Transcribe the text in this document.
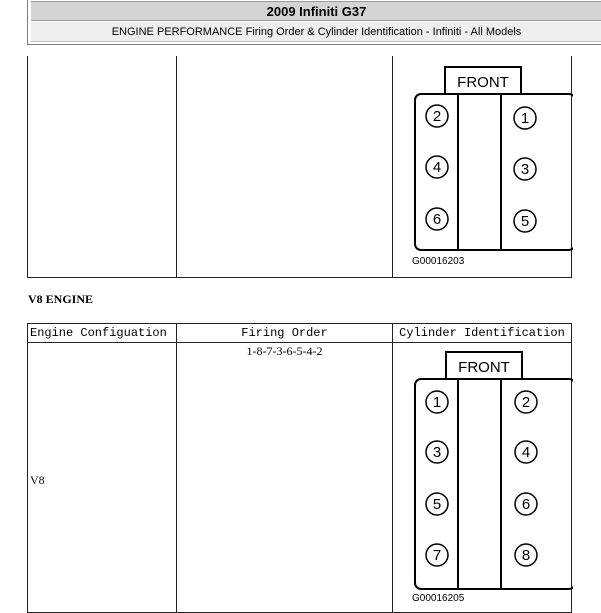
2009 Infiniti G37
ENGINE PERFORMANCE Firing Order & Cylinder Identification - Infiniti - All Models
FRONT
2
4
6
1
3
5
G00016203
V8 ENGINE
Engine Configuation	Firing Order	Cylinder Identification
V8
1-8-7-3-6-5-4-2
FRONT
1
3
5
7
2
4
6
8
G00016205
